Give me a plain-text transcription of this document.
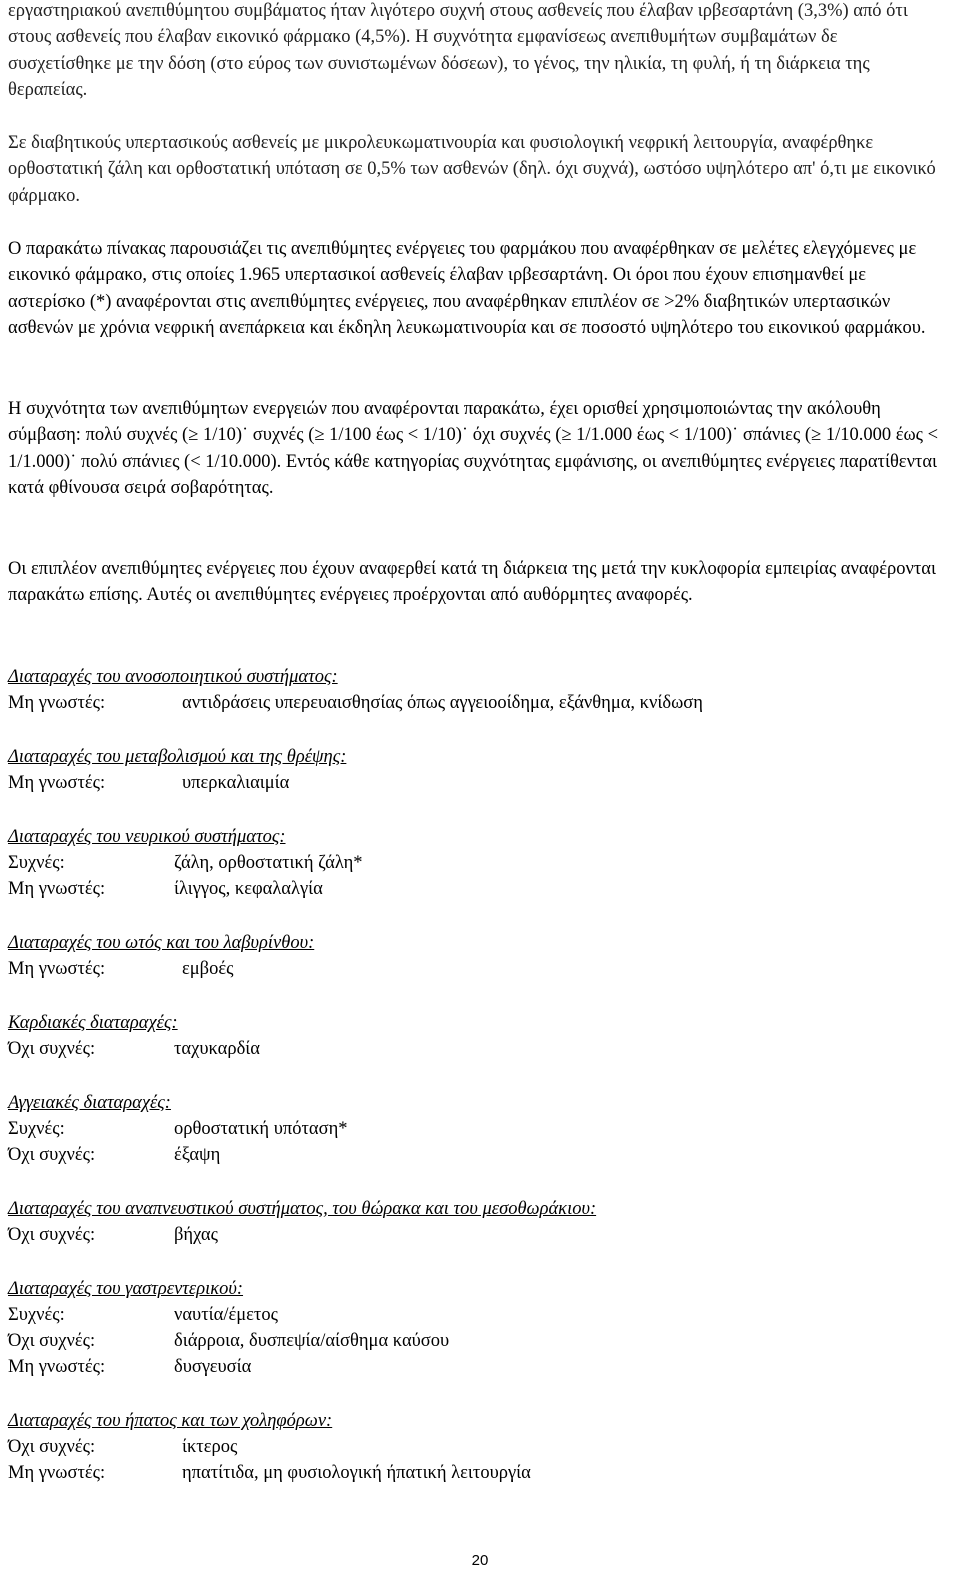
εργαστηριακού ανεπιθύμητου συμβάματος ήταν λιγότερο συχνή στους ασθενείς που έλαβαν ιρβεσαρτάνη (3,3%) από ότι στους ασθενείς που έλαβαν εικονικό φάρμακο (4,5%). Η συχνότητα εμφανίσεως ανεπιθυμήτων συμβαμάτων δε συσχετίσθηκε με την δόση (στο εύρος των συνιστωμένων δόσεων), το γένος, την ηλικία, τη φυλή, ή τη διάρκεια της θεραπείας.

Σε διαβητικούς υπερτασικούς ασθενείς με μικρολευκωματινουρία και φυσιολογική νεφρική λειτουργία, αναφέρθηκε ορθοστατική ζάλη και ορθοστατική υπόταση σε 0,5% των ασθενών (δηλ. όχι συχνά), ωστόσο υψηλότερο απ' ό,τι με εικονικό φάρμακο.

Ο παρακάτω πίνακας παρουσιάζει τις ανεπιθύμητες ενέργειες του φαρμάκου που αναφέρθηκαν σε μελέτες ελεγχόμενες με εικονικό φάμρακο, στις οποίες 1.965 υπερτασικοί ασθενείς έλαβαν ιρβεσαρτάνη. Οι όροι που έχουν επισημανθεί με αστερίσκο (*) αναφέρονται στις ανεπιθύμητες ενέργειες, που αναφέρθηκαν επιπλέον σε >2% διαβητικών υπερτασικών ασθενών με χρόνια νεφρική ανεπάρκεια και έκδηλη λευκωματινουρία και σε ποσοστό υψηλότερο του εικονικού φαρμάκου.

Η συχνότητα των ανεπιθύμητων ενεργειών που αναφέρονται παρακάτω, έχει ορισθεί χρησιμοποιώντας την ακόλουθη σύμβαση: πολύ συχνές (≥ 1/10)˙ συχνές (≥ 1/100 έως < 1/10)˙ όχι συχνές (≥ 1/1.000 έως < 1/100)˙ σπάνιες (≥ 1/10.000 έως < 1/1.000)˙ πολύ σπάνιες (< 1/10.000). Εντός κάθε κατηγορίας συχνότητας εμφάνισης, οι ανεπιθύμητες ενέργειες παρατίθενται κατά φθίνουσα σειρά σοβαρότητας.

Οι επιπλέον ανεπιθύμητες ενέργειες που έχουν αναφερθεί κατά τη διάρκεια της μετά την κυκλοφορία εμπειρίας αναφέρονται παρακάτω επίσης. Αυτές οι ανεπιθύμητες ενέργειες προέρχονται από αυθόρμητες αναφορές.

Διαταραχές του ανοσοποιητικού συστήματος:
Μη γνωστές:	αντιδράσεις υπερευαισθησίας όπως αγγειοοίδημα, εξάνθημα, κνίδωση
Διαταραχές του μεταβολισμού και της θρέψης:
Μη γνωστές:	υπερκαλιαιμία
Διαταραχές του νευρικού συστήματος:
Συχνές:	ζάλη, ορθοστατική ζάλη*
Μη γνωστές:	ίλιγγος, κεφαλαλγία
Διαταραχές του ωτός και του λαβυρίνθου:
Μη γνωστές:	εμβοές
Καρδιακές διαταραχές:
Όχι συχνές:	ταχυκαρδία
Αγγειακές διαταραχές:
Συχνές:	ορθοστατική υπόταση*
Όχι συχνές:	έξαψη
Διαταραχές του αναπνευστικού συστήματος, του θώρακα και του μεσοθωράκιου:
Όχι συχνές:	βήχας
Διαταραχές του γαστρεντερικού:
Συχνές:	ναυτία/έμετος
Όχι συχνές:	διάρροια, δυσπεψία/αίσθημα καύσου
Μη γνωστές:	δυσγευσία
Διαταραχές του ήπατος και των χοληφόρων:
Όχι συχνές:	ίκτερος
Μη γνωστές:	ηπατίτιδα, μη φυσιολογική ήπατική λειτουργία
20
